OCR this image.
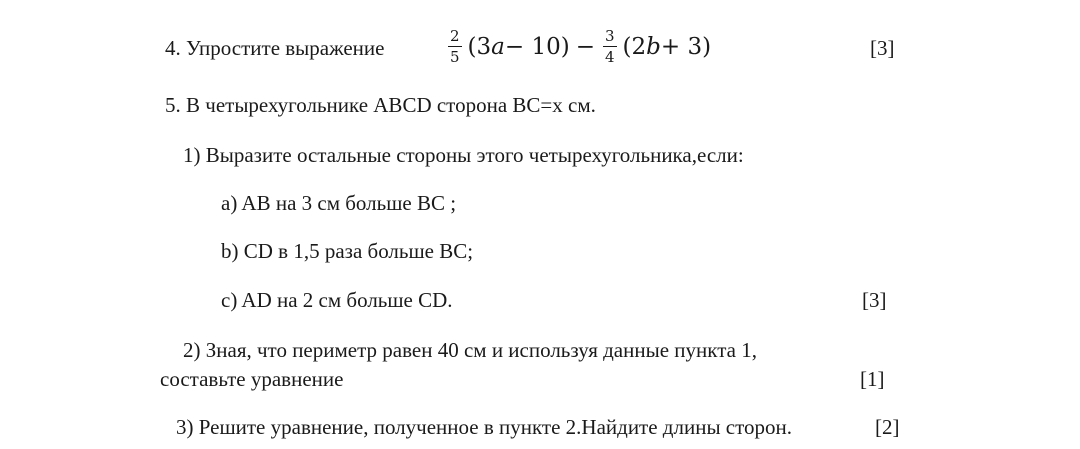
4. Упростите выражение	$\frac{2}{5} (3$ $a - 10) - \frac{3}{4} (2$ b + 3)	[3]
5. В четырехугольнике ABCD сторона BC=x см.
1) Выразите остальные стороны этого четырехугольника,если:
a) AB на 3 см больше BC ;
b) CD в 1,5 раза больше BC;
c) AD на 2 см больше CD.	[3]
2) Зная, что периметр равен 40 см и используя данные пункта 1,
составьте уравнение	[1]
3) Решите уравнение, полученное в пункте 2.Найдите длины сторон.	[2]
